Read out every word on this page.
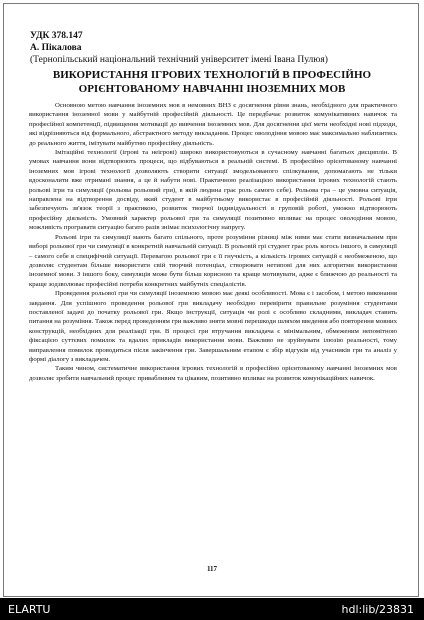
УДК 378.147
А. Пікалова
(Тернопільський національний технічний університет імені Івана Пулюя)
ВИКОРИСТАННЯ ІГРОВИХ ТЕХНОЛОГІЙ В ПРОФЕСІЙНО
ОРІЄНТОВАНОМУ НАВЧАННІ ІНОЗЕМНИХ МОВ

Основною метою навчання іноземних мов в немовних ВНЗ є досягнення рівня знань, необхідного для практичного використання іноземної мови у майбутній професійній діяльності. Це передбачає розвиток комунікативних навичок та професійної компетенції, підвищення мотивації до вивчення іноземних мов. Для досягнення цієї мети необхідні нові підходи, які відрізняються від формального, абстрактного методу викладання. Процес оволодіння мовою має максимально наблизитись до реального життя, імітувати майбутню професійну діяльність.

Імітаційні технології (ігрові та неігрові) широко використовуються в сучасному навчанні багатьох дисциплін. В умовах навчання вони відтворюють процеси, що відбуваються в реальній системі. В професійно орієнтованому навчанні іноземних мов ігрові технології дозволяють створити ситуації змодельованого спілкування, допомагають не тільки вдосконалити вже отримані знання, а це й набути нові. Практичною реалізацією використання ігрових технологій стають рольові ігри та симуляції (рольова рольовий гри), в якій людина грає роль самого себе). Рольова гра – це умовна ситуація, направлена на відтворення досвіду, який студент в майбутньому використає в професійній діяльності. Рольові ігри забезпечують зв'язок теорії з практикою, розвиток творчої індивідуальності в груповій роботі, уможно відтворюють професійну діяльність. Умовний характер рольової гри та симуляції позитивно впливає на процес оволодіння мовою, можливість програвати ситуацію багато разів знімає психологічну напругу.

Рольові ігри та симуляції мають багато спільного, проте розуміння різниці між ними має стати визначальним при виборі рольової гри чи симуляції в конкретній навчальній ситуації. В рольовій грі студент грає роль когось іншого, в симуляції – самого себе в специфічній ситуації. Перевагою рольової гри є її гнучкість, а кількість ігрових ситуацій є необмеженою, що дозволяє студентам більше використати свій творчий потенціал, створювати нетипові для них алгоритми використання іноземної мови. З іншого боку, симуляція може бути більш корисною та краще мотивувати, адже є ближчою до реальності та краще зодзволюває професійні потреби конкретних майбутніх спеціалістів.

Проведення рольової гри чи симуляції іноземною мовою має деякі особливості. Мова є і засобом, і метою виконання завдання. Для успішного проведення рольової гри викладачу необхідно перевірити правильне розуміння студентами поставленої задачі до початку рольової гри. Якщо інструкції, ситуація чи ролі є особливо складними, викладач ставить питання на розуміння. Також перед проведенням гри важливо зняти мовні перешкоди шляхом введення або повторення мовних конструкцій, необхідних для реалізації гри. В процесі гри втручання викладача є мінімальним, обмеженим непомітною фіксацією суттєвих помилок та вдалих прикладів використання мови. Важливо не зруйнувати ілюзію реальності, тому виправлення помилок проводиться після закінчення гри. Завершальним етапом є збір відгуків від учасників гри та аналіз у формі діалогу з викладачем.

Таким чином, систематичне використання ігрових технологій в професійно орієнтованому навчанні іноземних мов дозволяє зробити навчальний процес привабливим та цікавим, позитивно впливає на розвиток комунікаційних навичок.

117
ELARTU	hdl:lib/23831
